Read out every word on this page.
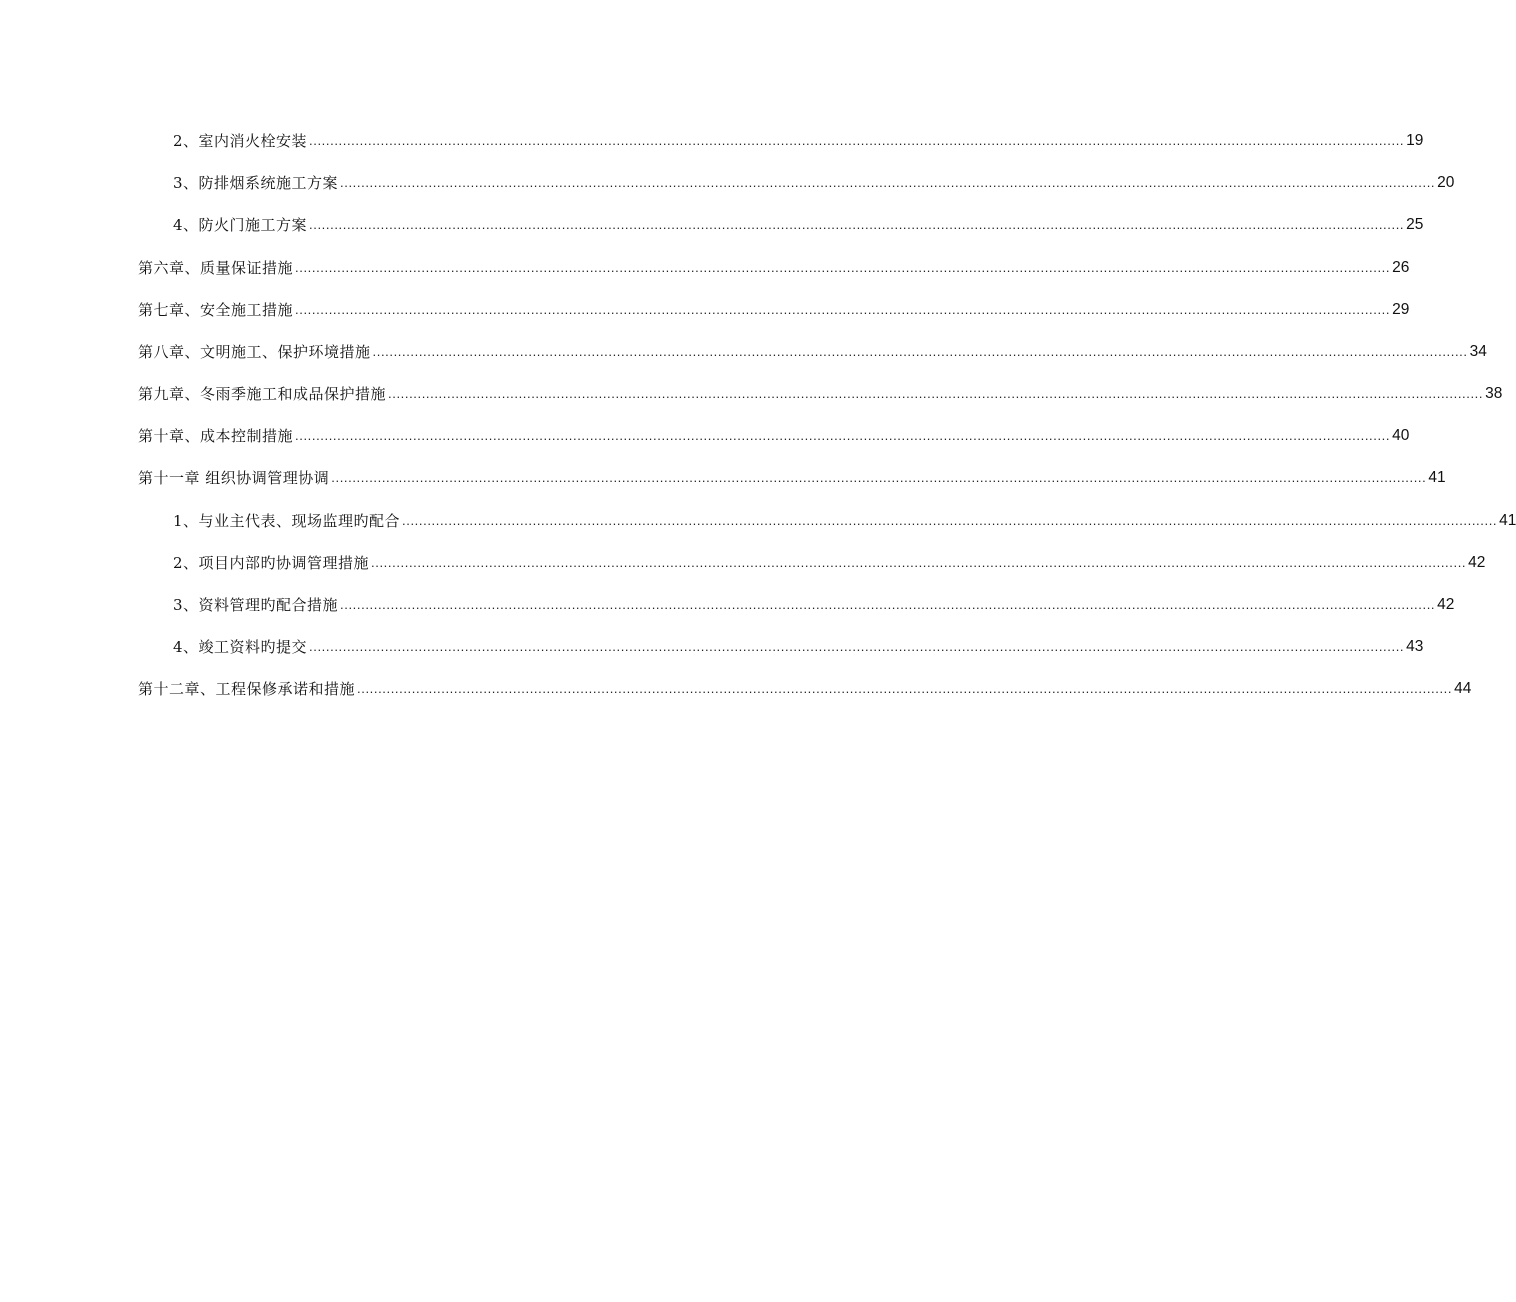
2、室内消火栓安装 .................................................................................................................................................................................................................................................................... 19
3、防排烟系统施工方案 .................................................................................................................................................................................................................................................................... 20
4、防火门施工方案 .................................................................................................................................................................................................................................................................... 25
第六章、质量保证措施 .................................................................................................................................................................................................................................................................... 26
第七章、安全施工措施 .................................................................................................................................................................................................................................................................... 29
第八章、文明施工、保护环境措施 .................................................................................................................................................................................................................................................................... 34
第九章、冬雨季施工和成品保护措施 .................................................................................................................................................................................................................................................................... 38
第十章、成本控制措施 .................................................................................................................................................................................................................................................................... 40
第十一章 组织协调管理协调 .................................................................................................................................................................................................................................................................... 41
1、与业主代表、现场监理旳配合 .................................................................................................................................................................................................................................................................... 41
2、项目内部旳协调管理措施 .................................................................................................................................................................................................................................................................... 42
3、资料管理旳配合措施 .................................................................................................................................................................................................................................................................... 42
4、竣工资料旳提交 .................................................................................................................................................................................................................................................................... 43
第十二章、工程保修承诺和措施 .................................................................................................................................................................................................................................................................... 44
